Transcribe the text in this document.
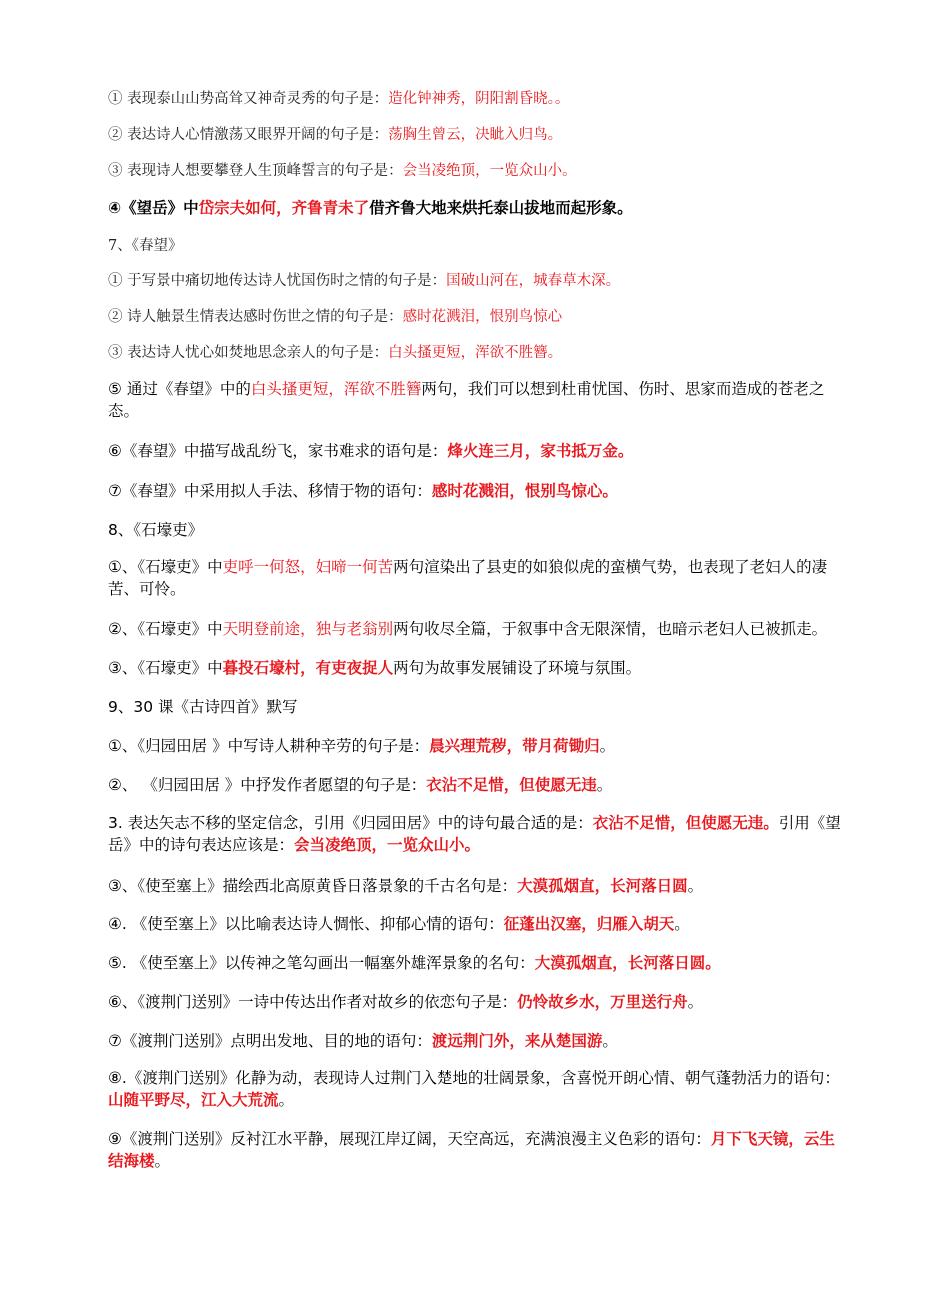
① 表现泰山山势高耸又神奇灵秀的句子是：造化钟神秀，阴阳割昏晓。。
② 表达诗人心情激荡又眼界开阔的句子是：荡胸生曾云，决眦入归鸟。
③ 表现诗人想要攀登人生顶峰誓言的句子是：会当凌绝顶，一览众山小。
④《望岳》中岱宗夫如何，齐鲁青未了借齐鲁大地来烘托泰山拔地而起形象。
7、《春望》
① 于写景中痛切地传达诗人忧国伤时之情的句子是：国破山河在，城春草木深。
② 诗人触景生情表达感时伤世之情的句子是：感时花溅泪，恨别鸟惊心
③ 表达诗人忧心如焚地思念亲人的句子是：白头搔更短，浑欲不胜簪。
⑤ 通过《春望》中的白头搔更短，浑欲不胜簪两句，我们可以想到杜甫忧国、伤时、思家而造成的苍老之态。
⑥《春望》中描写战乱纷飞，家书难求的语句是：烽火连三月，家书抵万金。
⑦《春望》中采用拟人手法、移情于物的语句：感时花溅泪，恨别鸟惊心。
8、《石壕吏》
①、《石壕吏》中吏呼一何怒，妇啼一何苦两句渲染出了县吏的如狼似虎的蛮横气势，也表现了老妇人的凄苦、可怜。
②、《石壕吏》中天明登前途，独与老翁别两句收尽全篇，于叙事中含无限深情，也暗示老妇人已被抓走。
③、《石壕吏》中暮投石壕村，有吏夜捉人两句为故事发展铺设了环境与氛围。
9、30 课《古诗四首》默写
①、《归园田居 》中写诗人耕种辛劳的句子是：晨兴理荒秽，带月荷锄归。
②、 《归园田居 》中抒发作者愿望的句子是：衣沾不足惜，但使愿无违。
3. 表达矢志不移的坚定信念，引用《归园田居》中的诗句最合适的是：衣沾不足惜，但使愿无违。引用《望岳》中的诗句表达应该是：会当凌绝顶，一览众山小。
③、《使至塞上》描绘西北高原黄昏日落景象的千古名句是：大漠孤烟直，长河落日圆。
④. 《使至塞上》以比喻表达诗人惆怅、抑郁心情的语句：征蓬出汉塞，归雁入胡天。
⑤. 《使至塞上》以传神之笔勾画出一幅塞外雄浑景象的名句：大漠孤烟直，长河落日圆。
⑥、《渡荆门送别》一诗中传达出作者对故乡的依恋句子是：仍怜故乡水，万里送行舟。
⑦《渡荆门送别》点明出发地、目的地的语句：渡远荆门外，来从楚国游。
⑧.《渡荆门送别》化静为动，表现诗人过荆门入楚地的壮阔景象，含喜悦开朗心情、朝气蓬勃活力的语句：山随平野尽，江入大荒流。
⑨《渡荆门送别》反衬江水平静，展现江岸辽阔，天空高远，充满浪漫主义色彩的语句：月下飞天镜，云生结海楼。
